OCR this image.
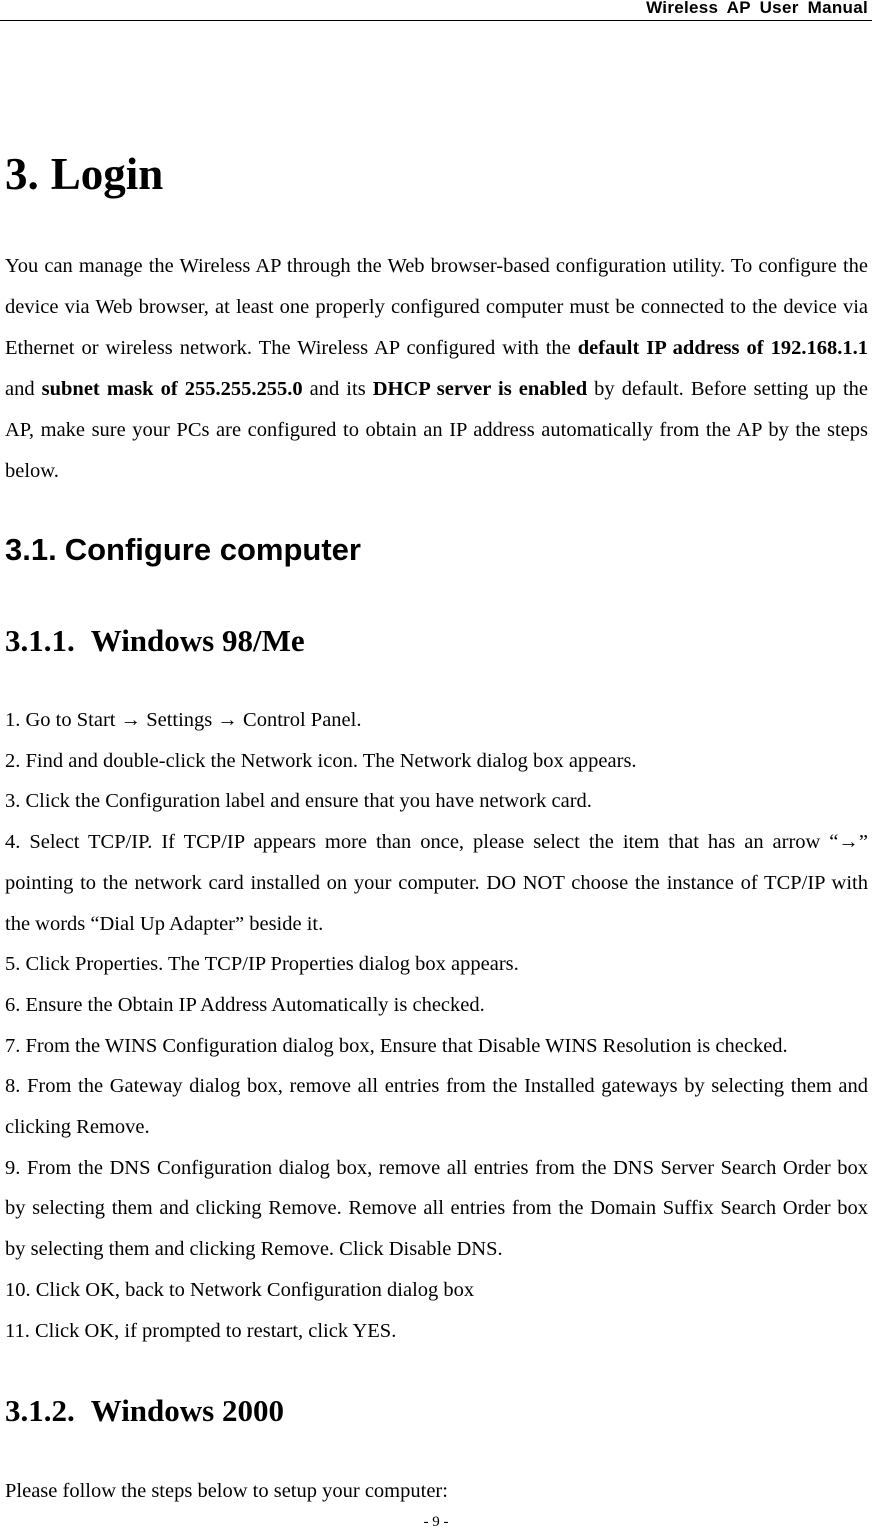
Wireless AP User Manual
3. Login

You can manage the Wireless AP through the Web browser-based configuration utility. To configure the device via Web browser, at least one properly configured computer must be connected to the device via Ethernet or wireless network. The Wireless AP configured with the default IP address of 192.168.1.1 and subnet mask of 255.255.255.0 and its DHCP server is enabled by default. Before setting up the AP, make sure your PCs are configured to obtain an IP address automatically from the AP by the steps below.

3.1. Configure computer
3.1.1. Windows 98/Me
1. Go to Start → Settings → Control Panel.
2. Find and double-click the Network icon. The Network dialog box appears.
3. Click the Configuration label and ensure that you have network card.
4. Select TCP/IP. If TCP/IP appears more than once, please select the item that has an arrow “→” pointing to the network card installed on your computer. DO NOT choose the instance of TCP/IP with the words “Dial Up Adapter” beside it.
5. Click Properties. The TCP/IP Properties dialog box appears.
6. Ensure the Obtain IP Address Automatically is checked.
7. From the WINS Configuration dialog box, Ensure that Disable WINS Resolution is checked.
8. From the Gateway dialog box, remove all entries from the Installed gateways by selecting them and clicking Remove.
9. From the DNS Configuration dialog box, remove all entries from the DNS Server Search Order box by selecting them and clicking Remove. Remove all entries from the Domain Suffix Search Order box by selecting them and clicking Remove. Click Disable DNS.
10. Click OK, back to Network Configuration dialog box
11. Click OK, if prompted to restart, click YES.
3.1.2. Windows 2000

Please follow the steps below to setup your computer:

- 9 -
